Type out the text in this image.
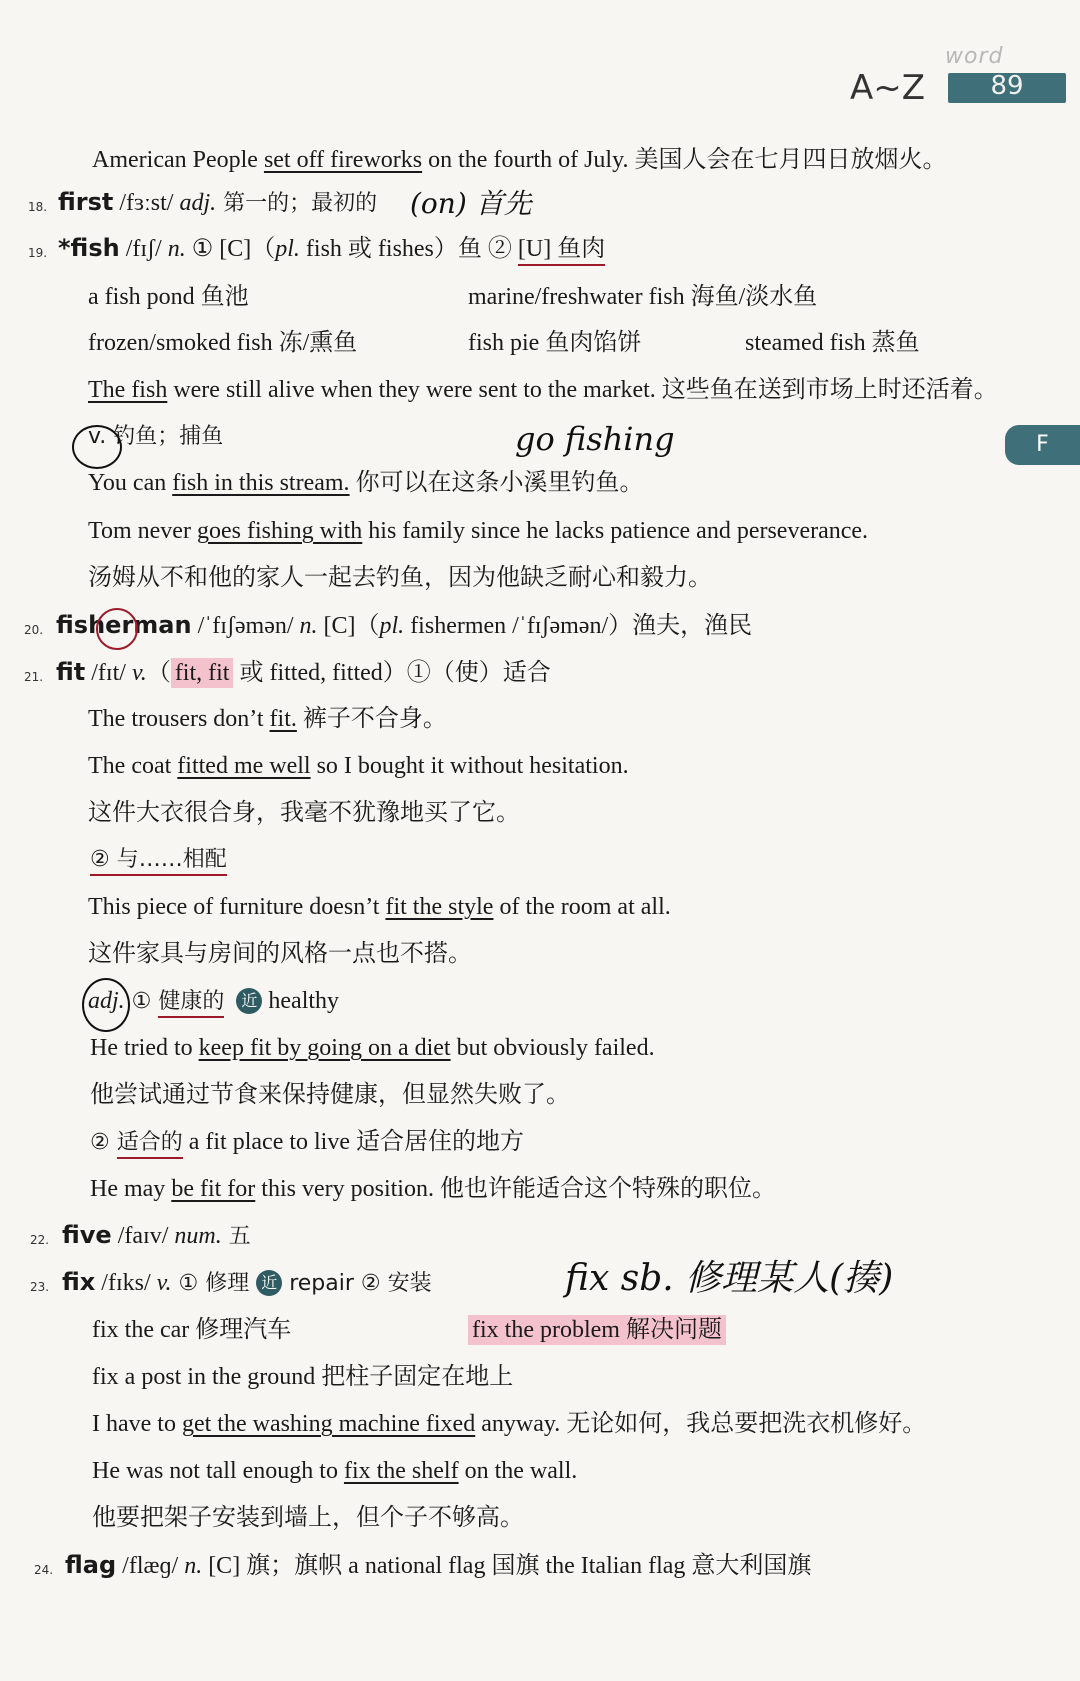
word
A~Z	89
F
American People set off fireworks on the fourth of July. 美国人会在七月四日放烟火。
18. first /fɜːst/ adj. 第一的；最初的 (on) 首先
19. *fish /fɪʃ/ n. ① [C]（pl. fish 或 fishes）鱼 ② [U] 鱼肉
a fish pond 鱼池	marine/freshwater fish 海鱼/淡水鱼
frozen/smoked fish 冻/熏鱼	fish pie 鱼肉馅饼	steamed fish 蒸鱼
The fish were still alive when they were sent to the market. 这些鱼在送到市场上时还活着。
v. 钓鱼；捕鱼	go fishing
You can fish in this stream. 你可以在这条小溪里钓鱼。
Tom never goes fishing with his family since he lacks patience and perseverance.
汤姆从不和他的家人一起去钓鱼，因为他缺乏耐心和毅力。
20. fisherman /ˈfɪʃəmən/ n. [C]（pl. fishermen /ˈfɪʃəmən/）渔夫，渔民
21. fit /fɪt/ v.（ fit, fit 或 fitted, fitted）①（使）适合
The trousers don’t fit. 裤子不合身。
The coat fitted me well so I bought it without hesitation.
这件大衣很合身，我毫不犹豫地买了它。
② 与……相配
This piece of furniture doesn’t fit the style of the room at all.
这件家具与房间的风格一点也不搭。
adj. ① 健康的 近 healthy
He tried to keep fit by going on a diet but obviously failed.
他尝试通过节食来保持健康，但显然失败了。
② 适合的 a fit place to live 适合居住的地方
He may be fit for this very position. 他也许能适合这个特殊的职位。
22. five /faɪv/ num. 五
23. fix /fɪks/ v. ① 修理 近 repair ② 安装	fix sb. 修理某人(揍)
fix the car 修理汽车	fix the problem 解决问题
fix a post in the ground 把柱子固定在地上
I have to get the washing machine fixed anyway. 无论如何，我总要把洗衣机修好。
He was not tall enough to fix the shelf on the wall.
他要把架子安装到墙上，但个子不够高。
24. flag /flæɡ/ n. [C] 旗；旗帜 a national flag 国旗 the Italian flag 意大利国旗
